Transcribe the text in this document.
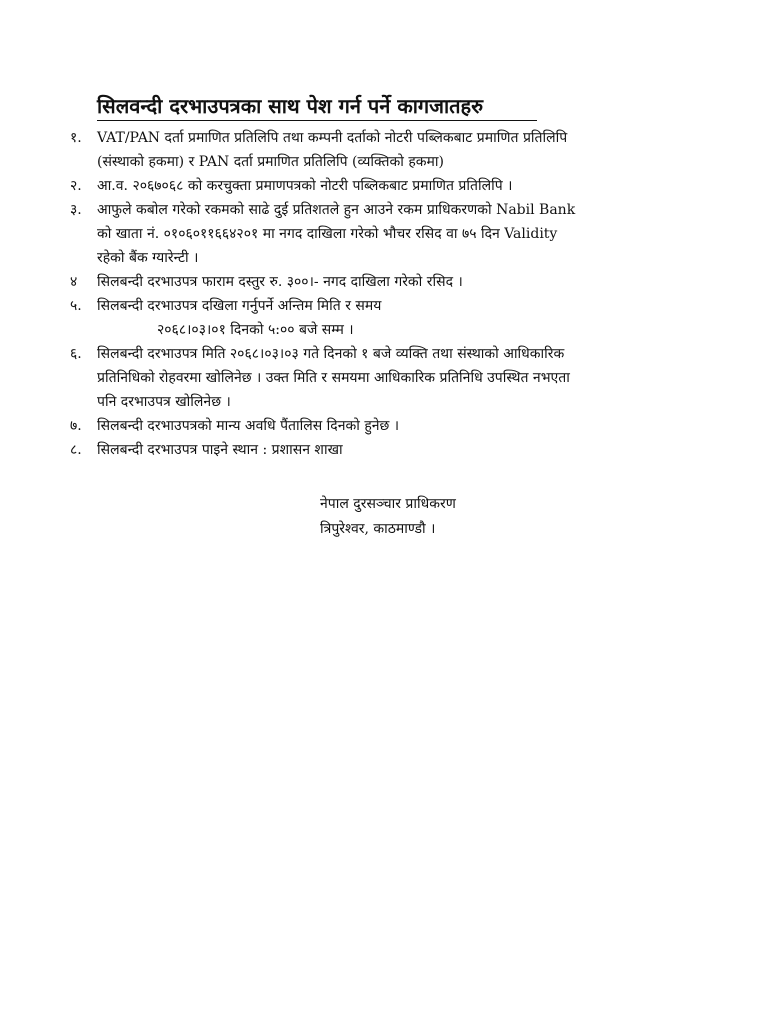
सिलवन्दी दरभाउपत्रका साथ पेश गर्न पर्ने कागजातहरु
१. VAT/PAN दर्ता प्रमाणित प्रतिलिपि तथा कम्पनी दर्ताको नोटरी पब्लिकबाट प्रमाणित प्रतिलिपि
(संस्थाको हकमा) र PAN दर्ता प्रमाणित प्रतिलिपि (व्यक्तिको हकमा)
२. आ.व. २०६७०६८ को करचुक्ता प्रमाणपत्रको नोटरी पब्लिकबाट प्रमाणित प्रतिलिपि ।
३. आफुले कबोल गरेको रकमको साढे दुई प्रतिशतले हुन आउने रकम प्राधिकरणको Nabil Bank
को खाता नं. ०१०६०११६६४२०१ मा नगद दाखिला गरेको भौचर रसिद वा ७५ दिन Validity
रहेको बैंक ग्यारेन्टी ।
४ सिलबन्दी दरभाउपत्र फाराम दस्तुर रु. ३००।- नगद दाखिला गरेको रसिद ।
५. सिलबन्दी दरभाउपत्र दखिला गर्नुपर्ने अन्तिम मिति र समय
२०६८।०३।०१ दिनको ५:०० बजे सम्म ।
६. सिलबन्दी दरभाउपत्र मिति २०६८।०३।०३ गते दिनको १ बजे व्यक्ति तथा संस्थाको आधिकारिक
प्रतिनिधिको रोहवरमा खोलिनेछ । उक्त मिति र समयमा आधिकारिक प्रतिनिधि उपस्थित नभएता
पनि दरभाउपत्र खोलिनेछ ।
७. सिलबन्दी दरभाउपत्रको मान्य अवधि पैंतालिस दिनको हुनेछ ।
८. सिलबन्दी दरभाउपत्र पाइने स्थान : प्रशासन शाखा
नेपाल दुरसञ्चार प्राधिकरण
त्रिपुरेश्वर, काठमाण्डौ ।
